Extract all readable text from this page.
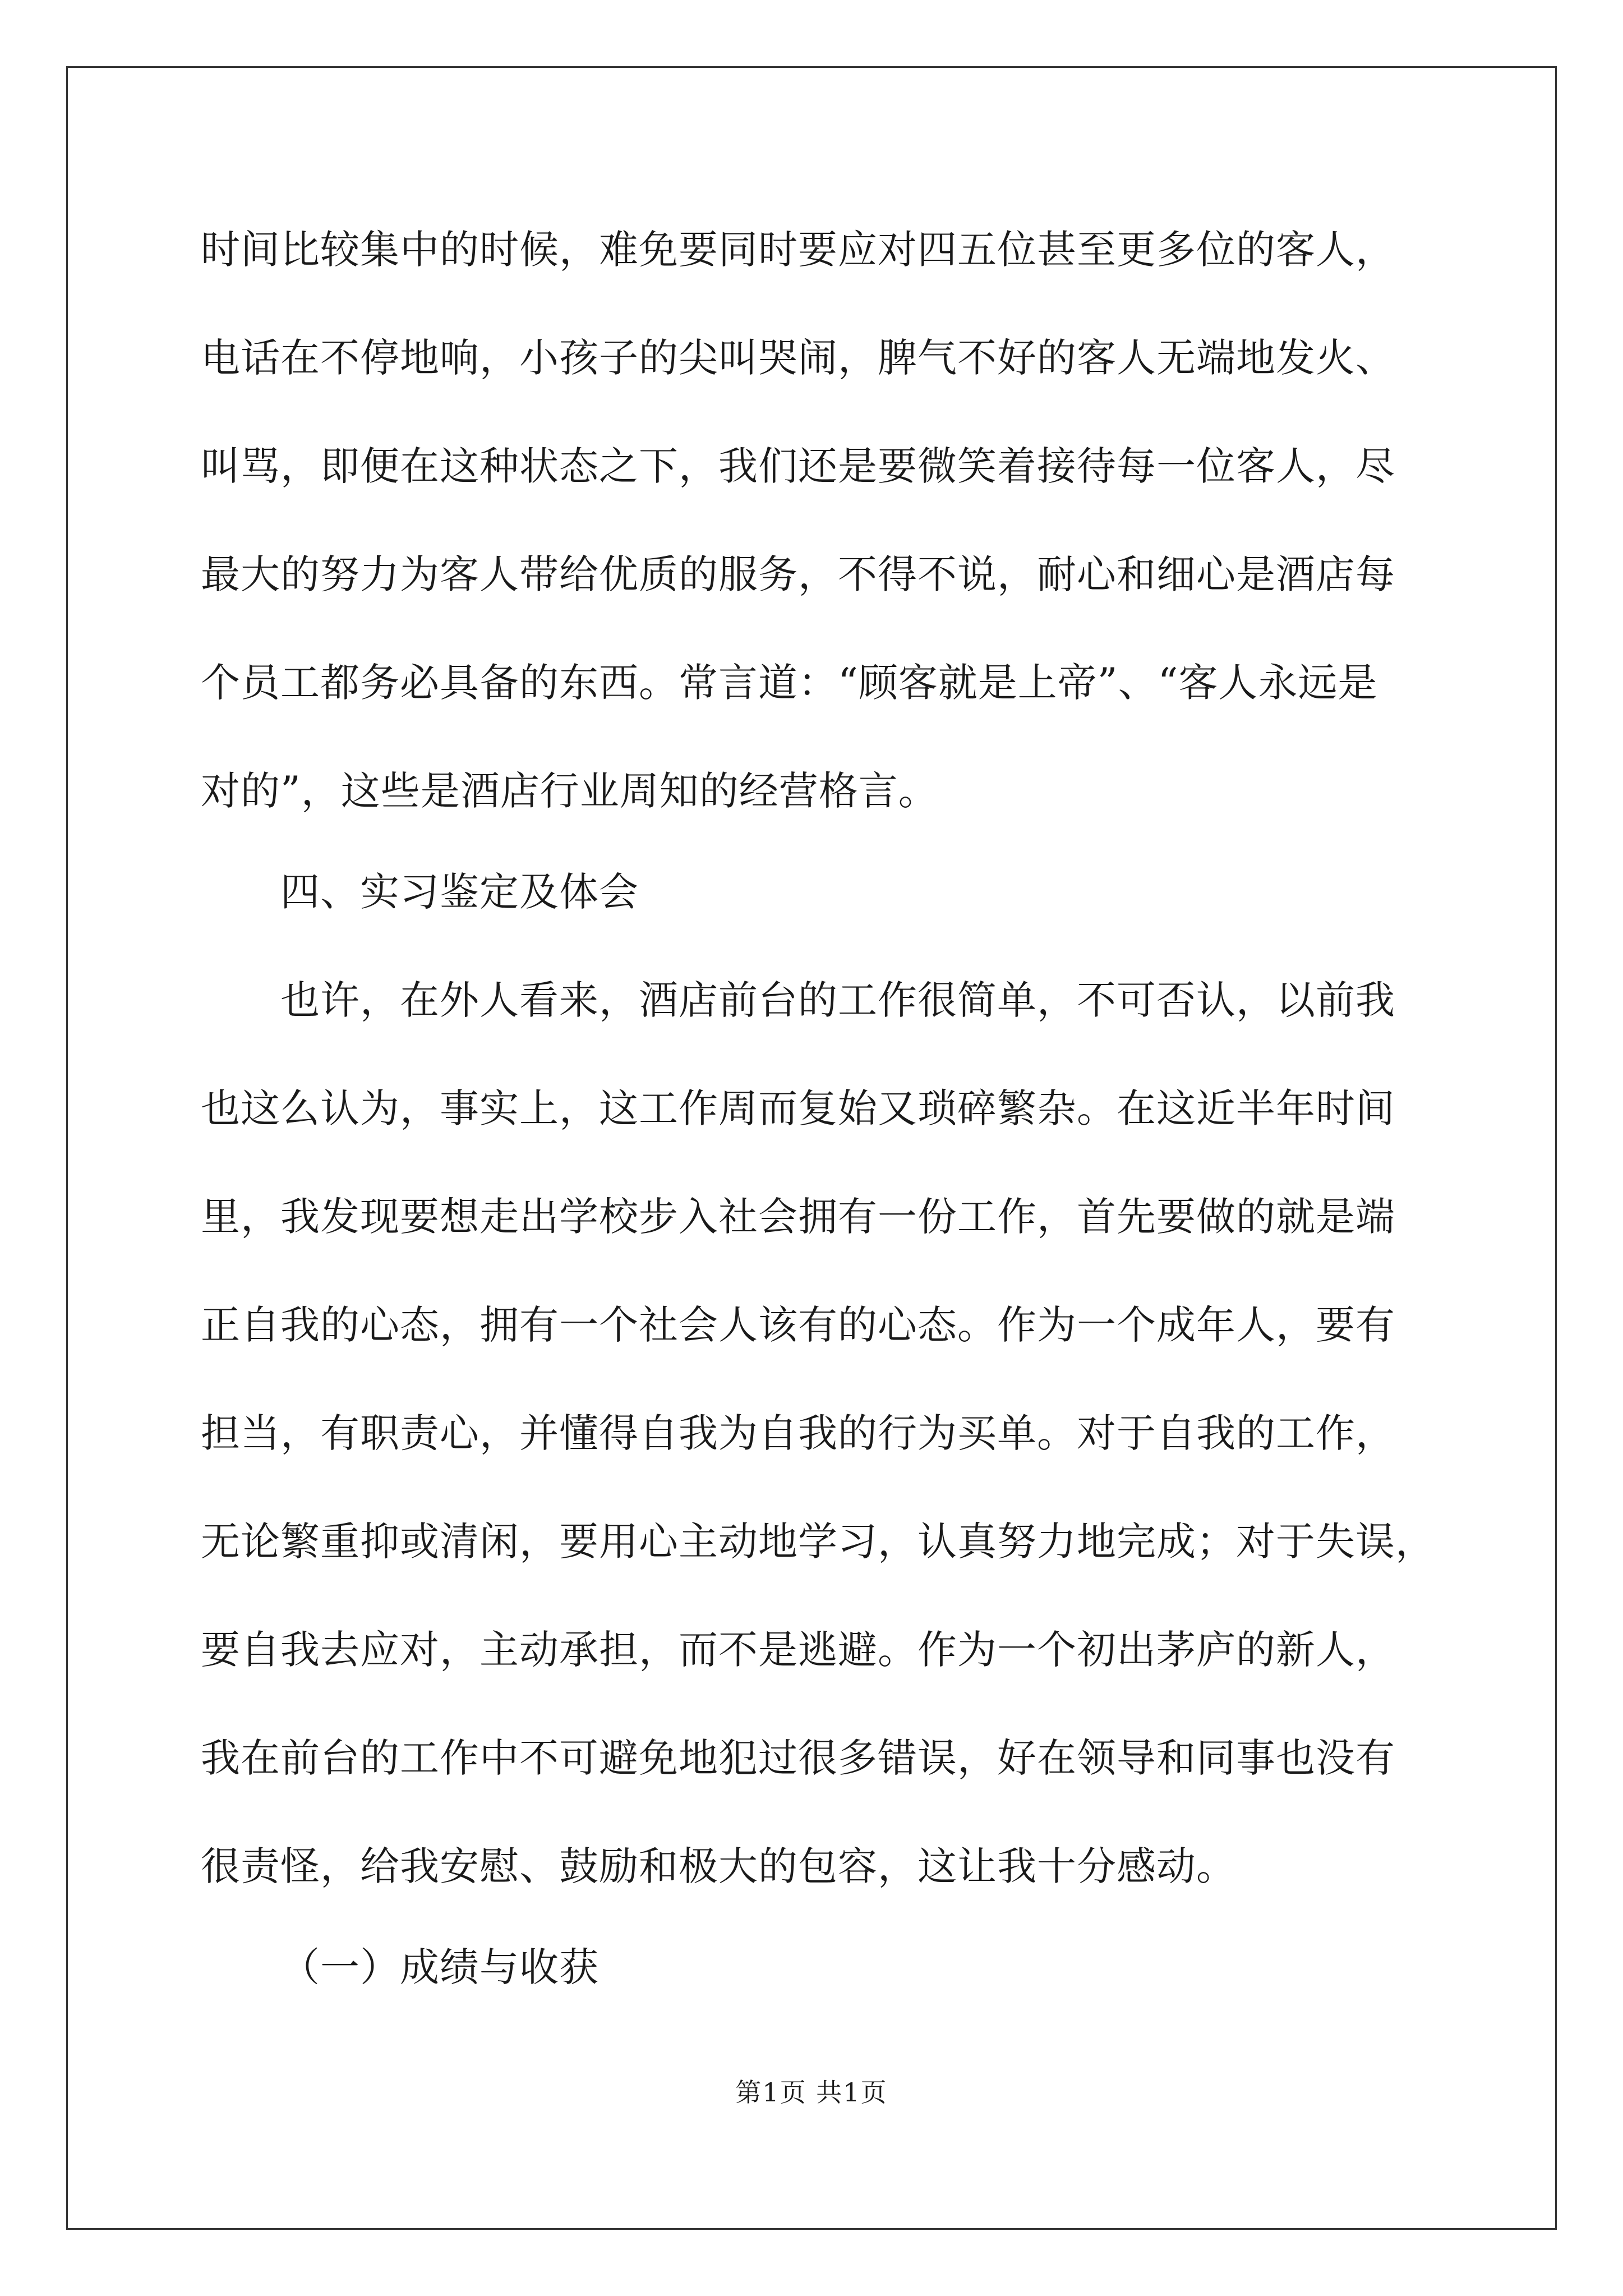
时间比较集中的时候，难免要同时要应对四五位甚至更多位的客人，
电话在不停地响，小孩子的尖叫哭闹，脾气不好的客人无端地发火、
叫骂，即便在这种状态之下，我们还是要微笑着接待每一位客人，尽
最大的努力为客人带给优质的服务，不得不说，耐心和细心是酒店每
个员工都务必具备的东西。常言道：“顾客就是上帝”、“客人永远是
对的”，这些是酒店行业周知的经营格言。
四、实习鉴定及体会
也许，在外人看来，酒店前台的工作很简单，不可否认，以前我
也这么认为，事实上，这工作周而复始又琐碎繁杂。在这近半年时间
里，我发现要想走出学校步入社会拥有一份工作，首先要做的就是端
正自我的心态，拥有一个社会人该有的心态。作为一个成年人，要有
担当，有职责心，并懂得自我为自我的行为买单。对于自我的工作，
无论繁重抑或清闲，要用心主动地学习，认真努力地完成；对于失误，
要自我去应对，主动承担，而不是逃避。作为一个初出茅庐的新人，
我在前台的工作中不可避免地犯过很多错误，好在领导和同事也没有
很责怪，给我安慰、鼓励和极大的包容，这让我十分感动。
（一）成绩与收获
第1页 共1页
